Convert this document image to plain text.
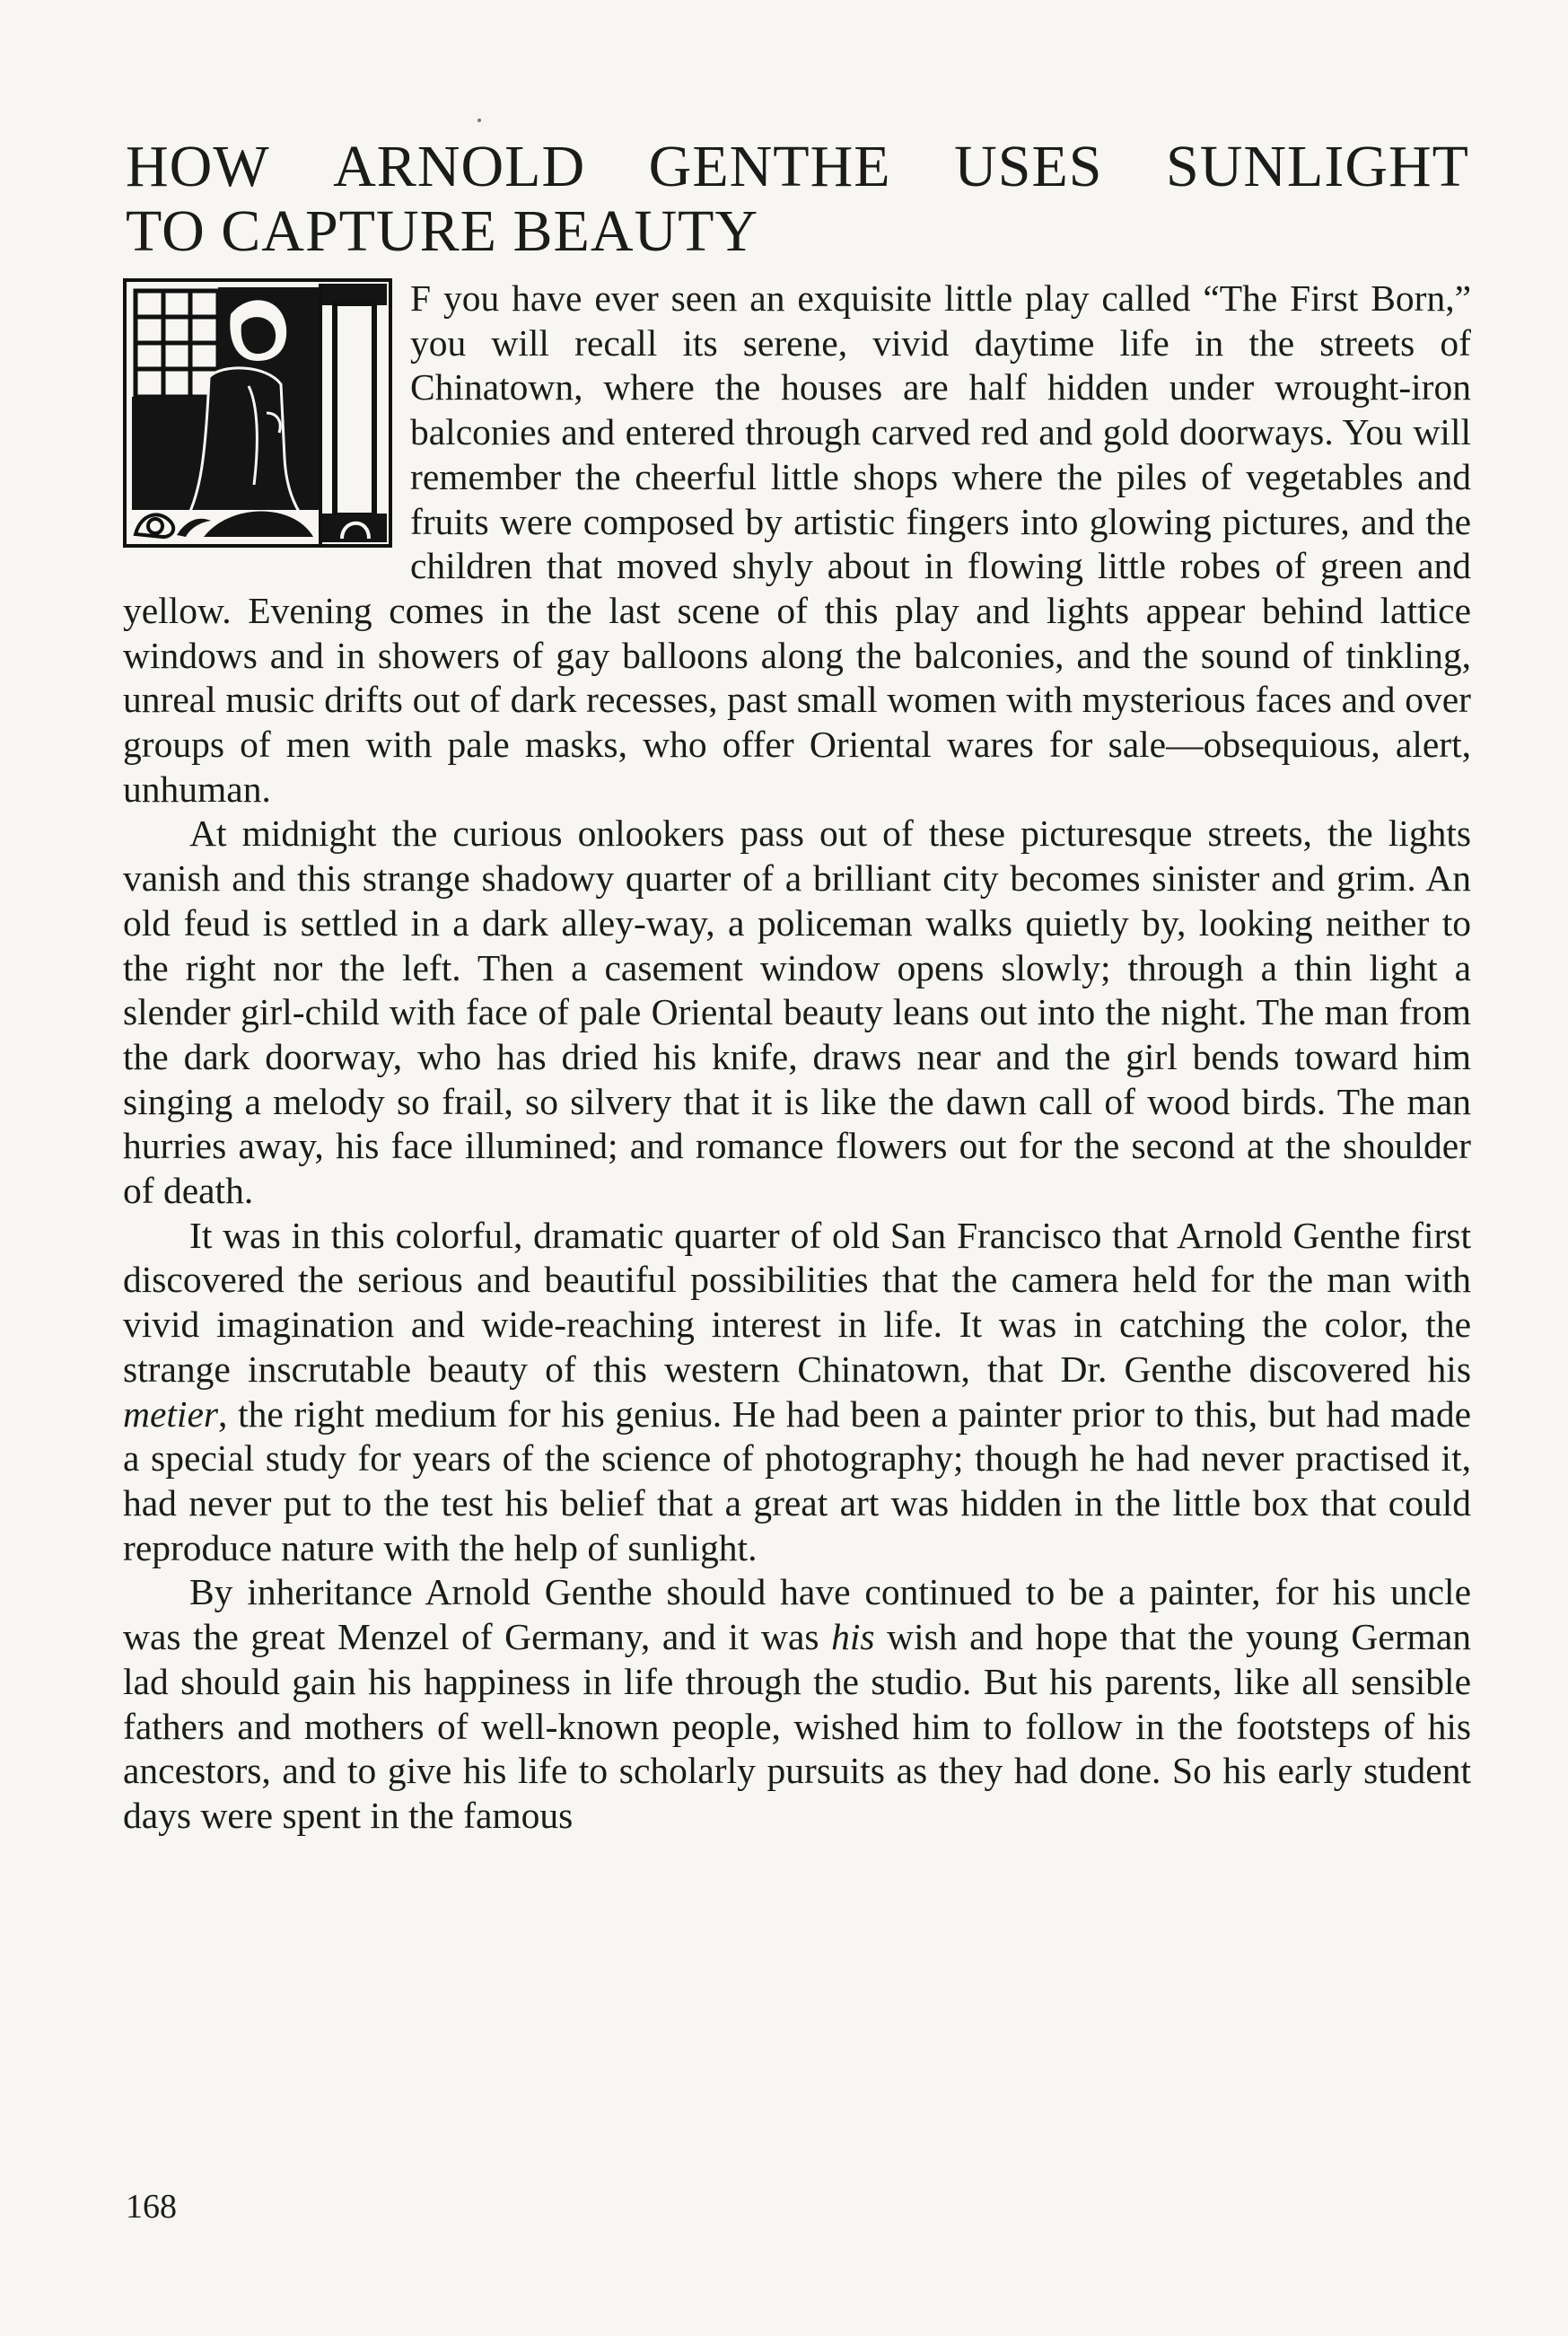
HOW ARNOLD GENTHE USES SUNLIGHT
TO CAPTURE BEAUTY

F you have ever seen an exquisite little play called “The First Born,” you will recall its serene, vivid daytime life in the streets of Chinatown, where the houses are half hidden under wrought-iron balconies and entered through carved red and gold doorways. You will remember the cheerful little shops where the piles of vegetables and fruits were composed by artistic fingers into glowing pictures, and the children that moved shyly about in flowing little robes of green and yellow. Evening comes in the last scene of this play and lights appear behind lattice windows and in showers of gay balloons along the balconies, and the sound of tinkling, unreal music drifts out of dark recesses, past small women with mysterious faces and over groups of men with pale masks, who offer Oriental wares for sale—obsequious, alert, unhuman.

At midnight the curious onlookers pass out of these picturesque streets, the lights vanish and this strange shadowy quarter of a brilliant city becomes sinister and grim. An old feud is settled in a dark alley-way, a policeman walks quietly by, looking neither to the right nor the left. Then a casement window opens slowly; through a thin light a slender girl-child with face of pale Oriental beauty leans out into the night. The man from the dark doorway, who has dried his knife, draws near and the girl bends toward him singing a melody so frail, so silvery that it is like the dawn call of wood birds. The man hurries away, his face illumined; and romance flowers out for the second at the shoulder of death.

It was in this colorful, dramatic quarter of old San Francisco that Arnold Genthe first discovered the serious and beautiful possibilities that the camera held for the man with vivid imagination and wide-reaching interest in life. It was in catching the color, the strange inscrutable beauty of this western Chinatown, that Dr. Genthe discovered his metier, the right medium for his genius. He had been a painter prior to this, but had made a special study for years of the science of photography; though he had never practised it, had never put to the test his belief that a great art was hidden in the little box that could reproduce nature with the help of sunlight.

By inheritance Arnold Genthe should have continued to be a painter, for his uncle was the great Menzel of Germany, and it was his wish and hope that the young German lad should gain his happiness in life through the studio. But his parents, like all sensible fathers and mothers of well-known people, wished him to follow in the footsteps of his ancestors, and to give his life to scholarly pursuits as they had done. So his early student days were spent in the famous

168
